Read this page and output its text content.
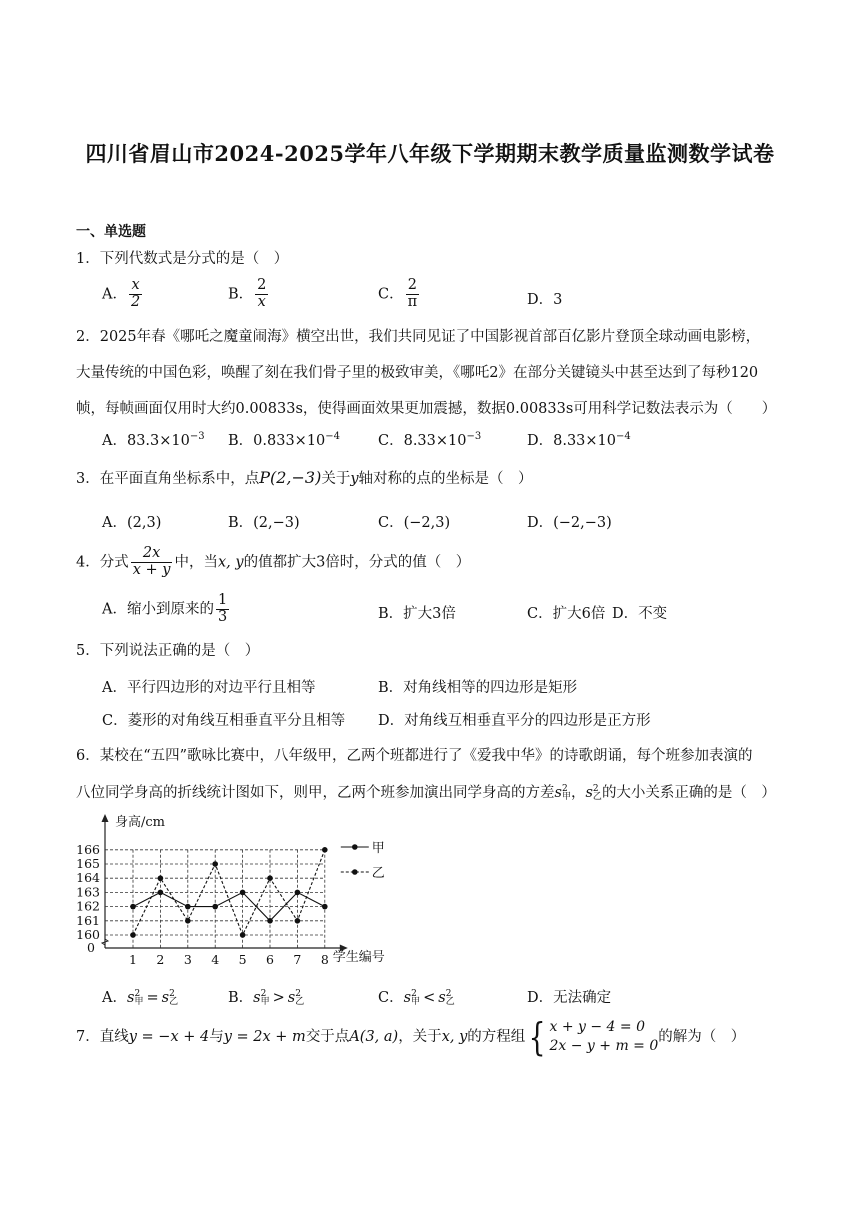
四川省眉山市2024-2025学年八年级下学期期末教学质量监测数学试卷
一、单选题
1．下列代数式是分式的是（　）
A． $\frac{x}{2}$	B． $\frac{2}{x}$	C． $\frac{2}{\pi}$	D．3
2．2025年春《哪吒之魔童闹海》横空出世，我们共同见证了中国影视首部百亿影片登顶全球动画电影榜，
大量传统的中国色彩，唤醒了刻在我们骨子里的极致审美，《哪吒2》在部分关键镜头中甚至达到了每秒120
帧，每帧画面仅用时大约0.00833s，使得画面效果更加震撼，数据0.00833s可用科学记数法表示为（　　）
A．$83.3\times 10^{-3}$ B．$0.833\times 10^{-4}$	C．$8.33\times 10^{-3}$	D．$8.33\times 10^{-4}$
3．在平面直角坐标系中，点P(2,−3)关于y轴对称的点的坐标是（　）
A．(2,3)	B．(2,−3)	C．(−2,3)	D．(−2,−3)
4．分式 $\frac{2x}{x + y}$ 中，当x, y的值都扩大3倍时，分式的值（　）
A．缩小到原来的 $\frac{1}{3}$	B．扩大3倍	C．扩大6倍 D．不变
5．下列说法正确的是（　）
A．平行四边形的对边平行且相等	B．对角线相等的四边形是矩形
C．菱形的对角线互相垂直平分且相等 D．对角线互相垂直平分的四边形是正方形
6．某校在“五四”歌咏比赛中，八年级甲，乙两个班都进行了《爱我中华》的诗歌朗诵，每个班参加表演的
八位同学身高的折线统计图如下，则甲，乙两个班参加演出同学身高的方差s 2
甲 ，s 2
乙 的大小关系正确的是（　）
身高/cm
学生编号
0
160
161
162
163
164
165
166
1 2 3 4 5 6 7 8
甲
乙
A．s 2
甲 = s 2
乙	B．s 2
甲 > s 2
乙	C．s 2
甲 < s 2
乙	D．无法确定
7．直线y = −x + 4与y = 2x + m交于点A(3, a)，关于x, y的方程组{ x + y − 4 = 0
2x − y + m = 0
的解为（　）
